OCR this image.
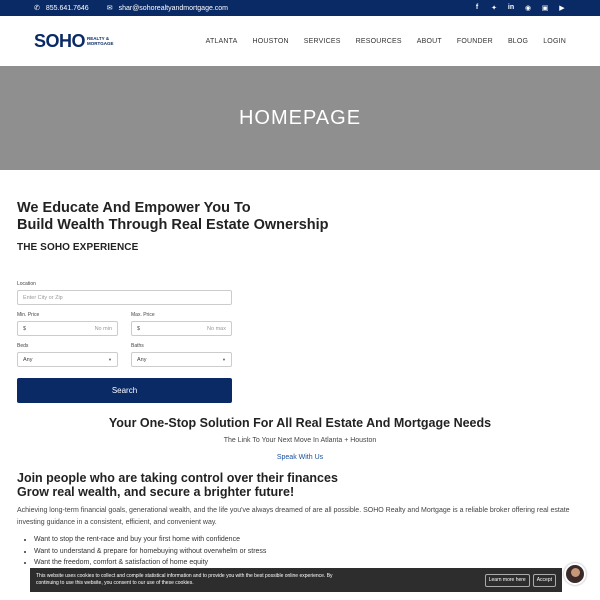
✆ 855.641.7646	✉ shar@sohorealtyandmortgage.com	f	✦ in ◉ ▣ ▶
SOHO REALTY &
MORTGAGE	ATLANTA HOUSTON SERVICES RESOURCES ABOUT FOUNDER BLOG LOGIN
HOMEPAGE
We Educate And Empower You To
Build Wealth Through Real Estate Ownership
THE SOHO EXPERIENCE
Location
Enter City or Zip
Min. Price
$	No min
Max. Price
$	No max
Beds
Any	▼
Baths
Any	▼
Search
Your One-Stop Solution For All Real Estate And Mortgage Needs
The Link To Your Next Move In Atlanta + Houston
Speak With Us
Join people who are taking control over their finances
Grow real wealth, and secure a brighter future!

Achieving long-term financial goals, generational wealth, and the life you've always dreamed of are all possible. SOHO Realty and Mortgage is a reliable broker offering real estate investing guidance in a consistent, efficient, and convenient way.

• Want to stop the rent-race and buy your first home with confidence
• Want to understand & prepare for homebuying without overwhelm or stress
• Want the freedom, comfort & satisfaction of home equity
This website uses cookies to collect and compile statistical information and to provide you with the best possible online experience. By
continuing to use this website, you consent to our use of these cookies.
Learn more here	Accept
